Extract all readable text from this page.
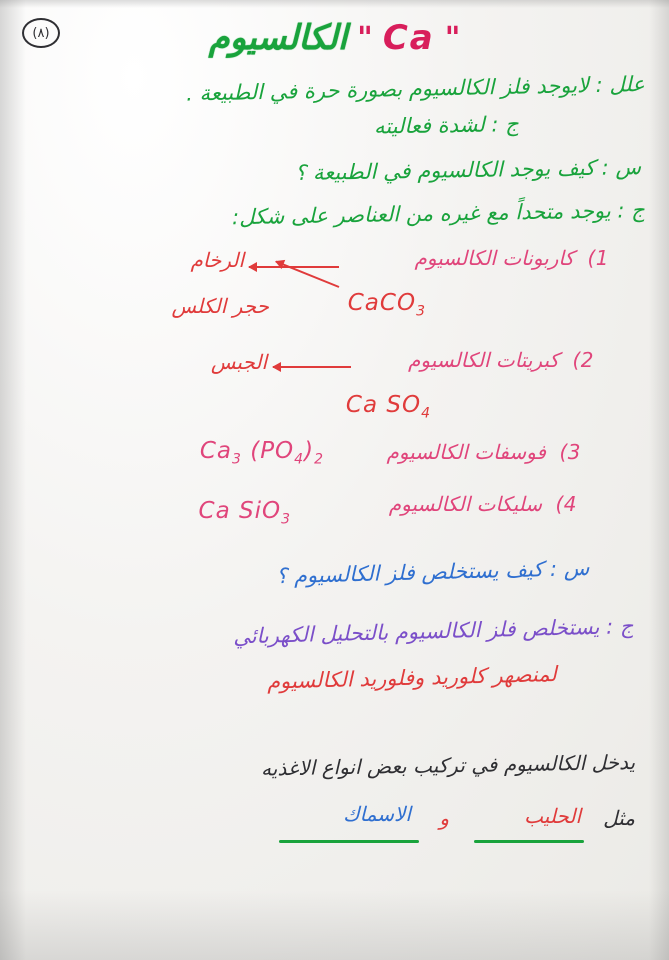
(٨)	"
Ca
"
الكالسيوم
علل : لايوجد فلز الكالسيوم بصورة حرة في الطبيعة .
ج : لشدة فعاليته
س : كيف يوجد الكالسيوم في الطبيعة ؟
ج : يوجد متحداً مع غيره من العناصر على شكل:
1)
كاربونات الكالسيوم
الرخام
حجر الكلس	CaCO$_3$
2)
كبريتات الكالسيوم
الجبس
Ca $SO_4$
3)
فوسفات الكالسيوم
$Ca_3$ $(PO_4)_2$
4)
سليكات الكالسيوم
Ca SiO$_3$
س : كيف يستخلص فلز الكالسيوم ؟
ج : يستخلص فلز الكالسيوم بالتحليل الكهربائي
لمنصهر كلوريد وفلوريد الكالسيوم
يدخل الكالسيوم في تركيب بعض انواع الاغذيه
مثل
الحليب
و
الاسماك
